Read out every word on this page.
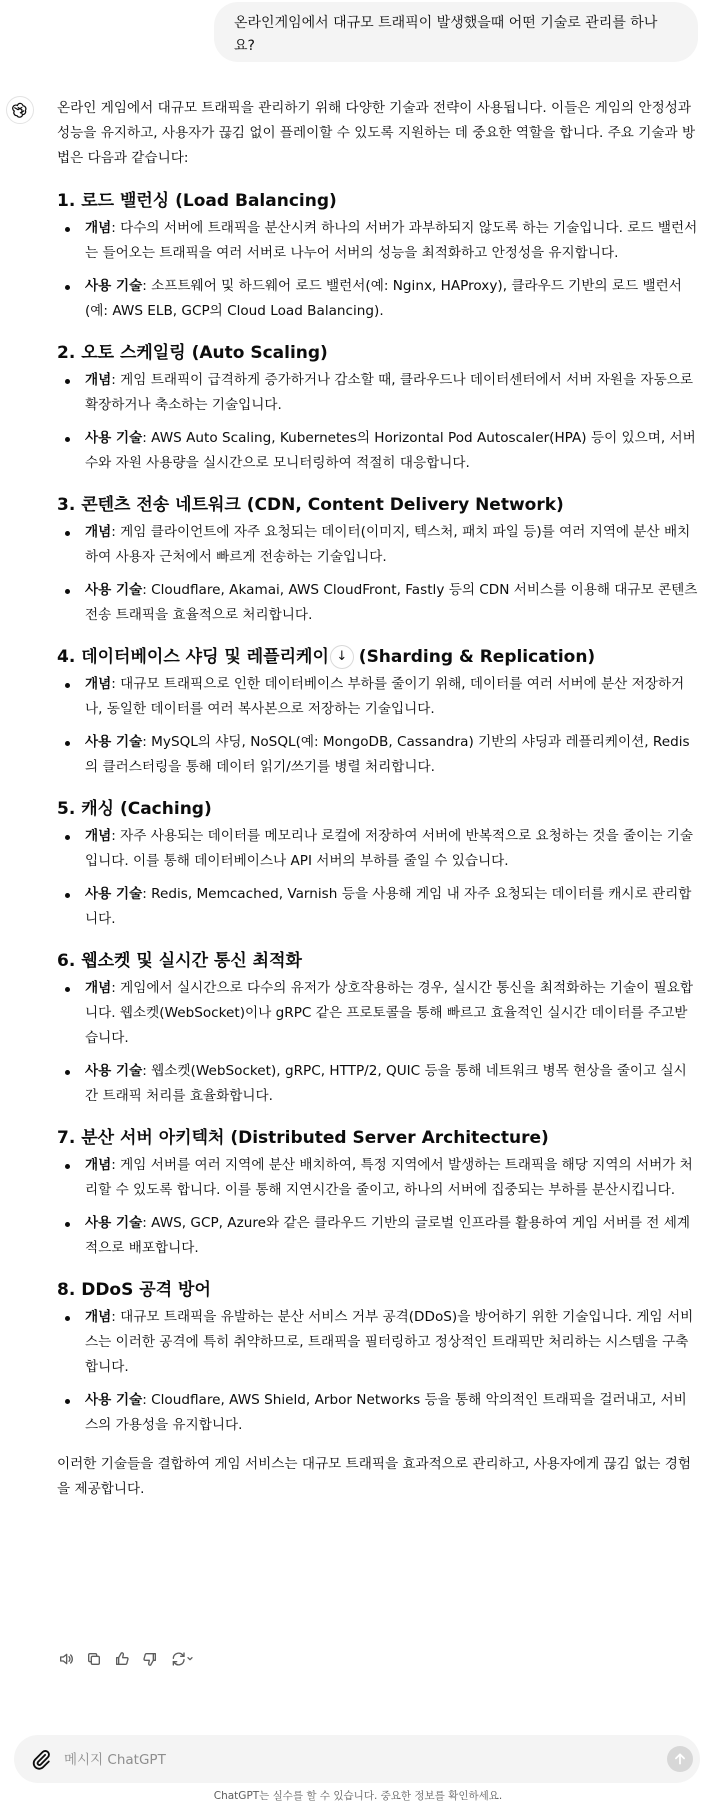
온라인게임에서 대규모 트래픽이 발생했을때 어떤 기술로 관리를 하나요?

온라인 게임에서 대규모 트래픽을 관리하기 위해 다양한 기술과 전략이 사용됩니다. 이들은 게임의 안정성과 성능을 유지하고, 사용자가 끊김 없이 플레이할 수 있도록 지원하는 데 중요한 역할을 합니다. 주요 기술과 방법은 다음과 같습니다:

1. 로드 밸런싱 (Load Balancing)

개념: 다수의 서버에 트래픽을 분산시켜 하나의 서버가 과부하되지 않도록 하는 기술입니다. 로드 밸런서는 들어오는 트래픽을 여러 서버로 나누어 서버의 성능을 최적화하고 안정성을 유지합니다.
사용 기술: 소프트웨어 및 하드웨어 로드 밸런서(예: Nginx, HAProxy), 클라우드 기반의 로드 밸런서(예: AWS ELB, GCP의 Cloud Load Balancing).

2. 오토 스케일링 (Auto Scaling)

개념: 게임 트래픽이 급격하게 증가하거나 감소할 때, 클라우드나 데이터센터에서 서버 자원을 자동으로 확장하거나 축소하는 기술입니다.
사용 기술: AWS Auto Scaling, Kubernetes의 Horizontal Pod Autoscaler(HPA) 등이 있으며, 서버 수와 자원 사용량을 실시간으로 모니터링하여 적절히 대응합니다.

3. 콘텐츠 전송 네트워크 (CDN, Content Delivery Network)

개념: 게임 클라이언트에 자주 요청되는 데이터(이미지, 텍스처, 패치 파일 등)를 여러 지역에 분산 배치하여 사용자 근처에서 빠르게 전송하는 기술입니다.
사용 기술: Cloudflare, Akamai, AWS CloudFront, Fastly 등의 CDN 서비스를 이용해 대규모 콘텐츠 전송 트래픽을 효율적으로 처리합니다.

4. 데이터베이스 샤딩 및 레플리케이 ↓ (Sharding & Replication)

개념: 대규모 트래픽으로 인한 데이터베이스 부하를 줄이기 위해, 데이터를 여러 서버에 분산 저장하거나, 동일한 데이터를 여러 복사본으로 저장하는 기술입니다.
사용 기술: MySQL의 샤딩, NoSQL(예: MongoDB, Cassandra) 기반의 샤딩과 레플리케이션, Redis의 클러스터링을 통해 데이터 읽기/쓰기를 병렬 처리합니다.

5. 캐싱 (Caching)

개념: 자주 사용되는 데이터를 메모리나 로컬에 저장하여 서버에 반복적으로 요청하는 것을 줄이는 기술입니다. 이를 통해 데이터베이스나 API 서버의 부하를 줄일 수 있습니다.
사용 기술: Redis, Memcached, Varnish 등을 사용해 게임 내 자주 요청되는 데이터를 캐시로 관리합니다.

6. 웹소켓 및 실시간 통신 최적화

개념: 게임에서 실시간으로 다수의 유저가 상호작용하는 경우, 실시간 통신을 최적화하는 기술이 필요합니다. 웹소켓(WebSocket)이나 gRPC 같은 프로토콜을 통해 빠르고 효율적인 실시간 데이터를 주고받습니다.
사용 기술: 웹소켓(WebSocket), gRPC, HTTP/2, QUIC 등을 통해 네트워크 병목 현상을 줄이고 실시간 트래픽 처리를 효율화합니다.

7. 분산 서버 아키텍처 (Distributed Server Architecture)

개념: 게임 서버를 여러 지역에 분산 배치하여, 특정 지역에서 발생하는 트래픽을 해당 지역의 서버가 처리할 수 있도록 합니다. 이를 통해 지연시간을 줄이고, 하나의 서버에 집중되는 부하를 분산시킵니다.
사용 기술: AWS, GCP, Azure와 같은 클라우드 기반의 글로벌 인프라를 활용하여 게임 서버를 전 세계적으로 배포합니다.

8. DDoS 공격 방어

개념: 대규모 트래픽을 유발하는 분산 서비스 거부 공격(DDoS)을 방어하기 위한 기술입니다. 게임 서비스는 이러한 공격에 특히 취약하므로, 트래픽을 필터링하고 정상적인 트래픽만 처리하는 시스템을 구축합니다.
사용 기술: Cloudflare, AWS Shield, Arbor Networks 등을 통해 악의적인 트래픽을 걸러내고, 서비스의 가용성을 유지합니다.

이러한 기술들을 결합하여 게임 서비스는 대규모 트래픽을 효과적으로 관리하고, 사용자에게 끊김 없는 경험을 제공합니다.

메시지 ChatGPT
ChatGPT는 실수를 할 수 있습니다. 중요한 정보를 확인하세요.
